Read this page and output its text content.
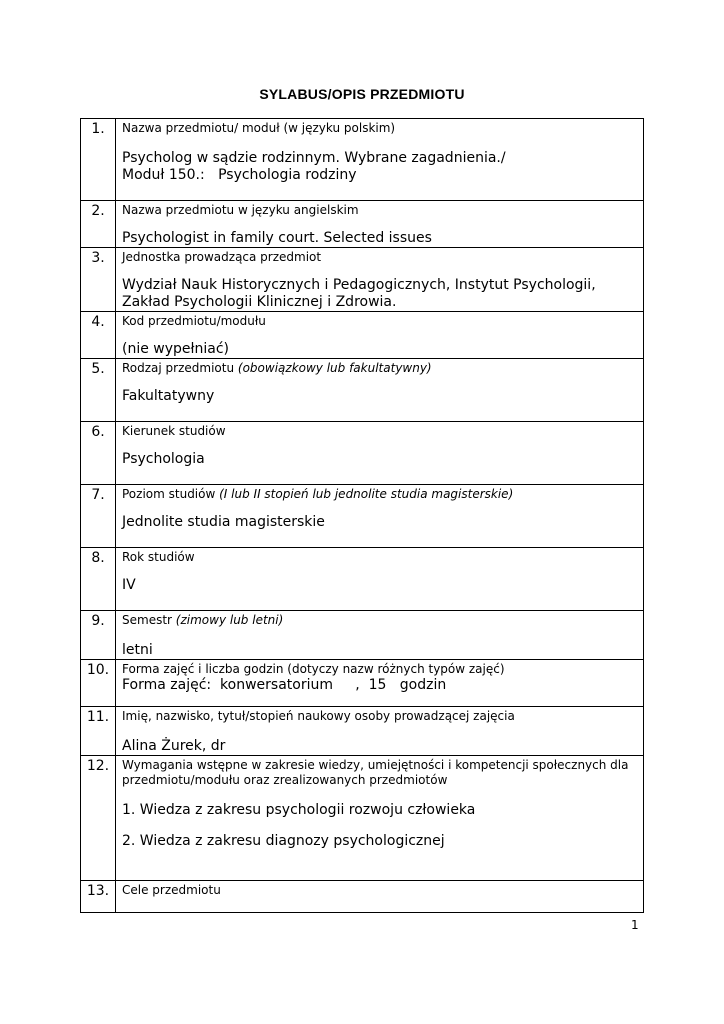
SYLABUS/OPIS PRZEDMIOTU
1.	Nazwa przedmiotu/ moduł (w języku polskim)
Psycholog w sądzie rodzinnym. Wybrane zagadnienia./
Moduł 150.:   Psychologia rodziny

2.	Nazwa przedmiotu w języku angielskim
Psychologist in family court. Selected issues

3.	Jednostka prowadząca przedmiot
Wydział Nauk Historycznych i Pedagogicznych, Instytut Psychologii,
Zakład Psychologii Klinicznej i Zdrowia.

4.	Kod przedmiotu/modułu
(nie wypełniać)

5.	Rodzaj przedmiotu (obowiązkowy lub fakultatywny)
Fakultatywny

6.	Kierunek studiów
Psychologia

7.	Poziom studiów (I lub II stopień lub jednolite studia magisterskie)
Jednolite studia magisterskie

8.	Rok studiów
IV

9.	Semestr (zimowy lub letni)
letni

10.	Forma zajęć i liczba godzin (dotyczy nazw różnych typów zajęć)
Forma zajęć:  konwersatorium     ,  15   godzin

11.	Imię, nazwisko, tytuł/stopień naukowy osoby prowadzącej zajęcia
Alina Żurek, dr

12.	Wymagania wstępne w zakresie wiedzy, umiejętności i kompetencji społecznych dla przedmiotu/modułu oraz zrealizowanych przedmiotów
1. Wiedza z zakresu psychologii rozwoju człowieka
2. Wiedza z zakresu diagnozy psychologicznej

13.	Cele przedmiotu
1
